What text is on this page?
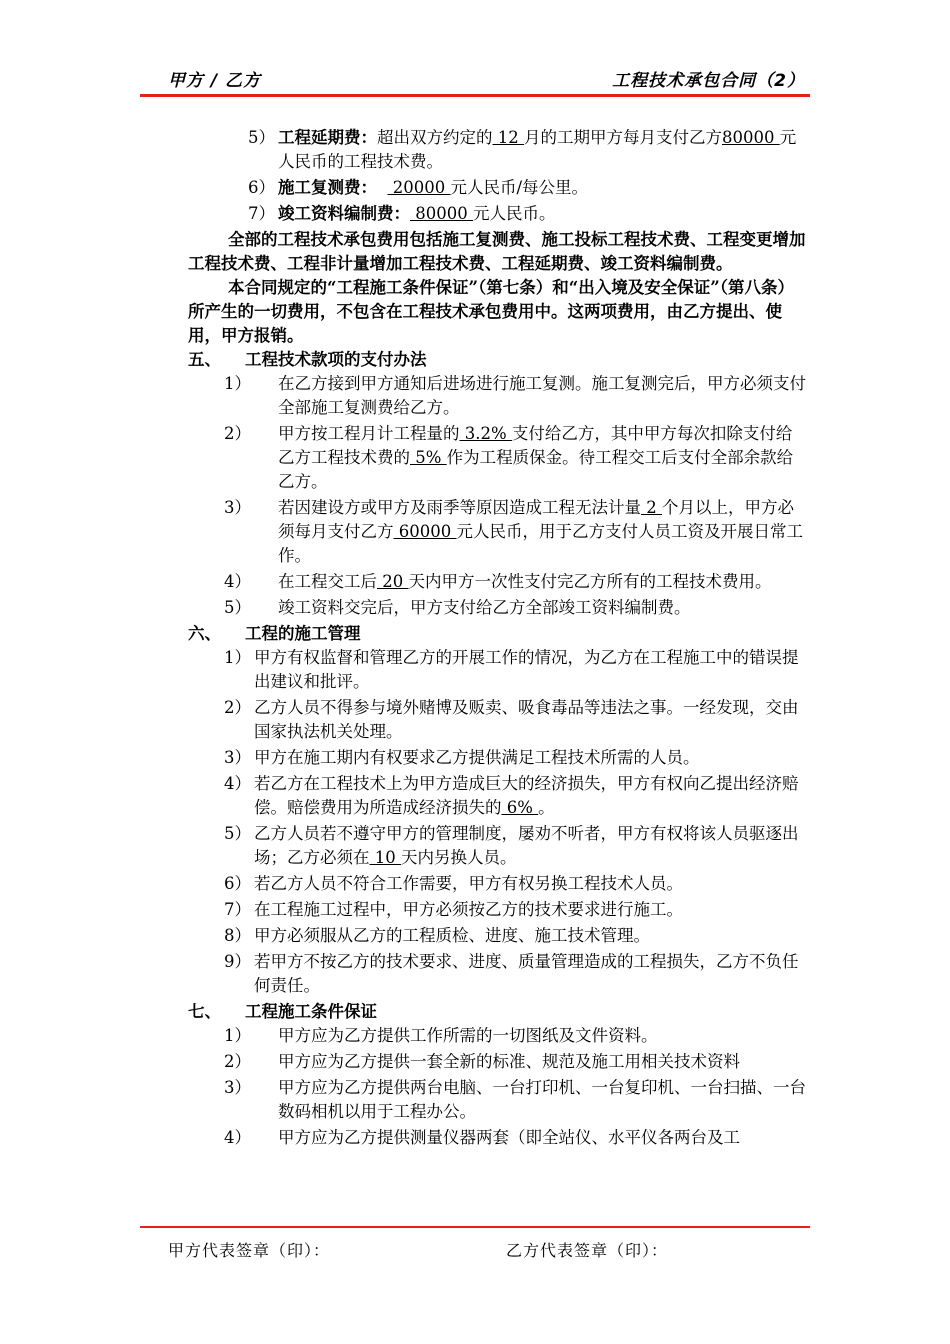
甲方 / 乙方	工程技术承包合同（2）
5） 工程延期费：超出双方约定的 12 月的工期甲方每月支付乙方80000 元人民币的工程技术费。
6） 施工复测费：   20000 元人民币/每公里。
7） 竣工资料编制费： 80000 元人民币。
全部的工程技术承包费用包括施工复测费、施工投标工程技术费、工程变更增加工程技术费、工程非计量增加工程技术费、工程延期费、竣工资料编制费。
本合同规定的“工程施工条件保证”（第七条）和“出入境及安全保证”（第八条）所产生的一切费用，不包含在工程技术承包费用中。这两项费用，由乙方提出、使用，甲方报销。
五、	工程技术款项的支付办法
1）	在乙方接到甲方通知后进场进行施工复测。施工复测完后，甲方必须支付全部施工复测费给乙方。
2）	甲方按工程月计工程量的 3.2% 支付给乙方，其中甲方每次扣除支付给乙方工程技术费的 5% 作为工程质保金。待工程交工后支付全部余款给乙方。
3）	若因建设方或甲方及雨季等原因造成工程无法计量 2 个月以上，甲方必须每月支付乙方 60000 元人民币，用于乙方支付人员工资及开展日常工作。
4）	在工程交工后 20 天内甲方一次性支付完乙方所有的工程技术费用。
5）	竣工资料交完后，甲方支付给乙方全部竣工资料编制费。
六、	工程的施工管理
1） 甲方有权监督和管理乙方的开展工作的情况，为乙方在工程施工中的错误提出建议和批评。
2） 乙方人员不得参与境外赌博及贩卖、吸食毒品等违法之事。一经发现，交由国家执法机关处理。
3） 甲方在施工期内有权要求乙方提供满足工程技术所需的人员。
4） 若乙方在工程技术上为甲方造成巨大的经济损失，甲方有权向乙提出经济赔偿。赔偿费用为所造成经济损失的 6% 。
5） 乙方人员若不遵守甲方的管理制度，屡劝不听者，甲方有权将该人员驱逐出场；乙方必须在 10 天内另换人员。
6） 若乙方人员不符合工作需要，甲方有权另换工程技术人员。
7） 在工程施工过程中，甲方必须按乙方的技术要求进行施工。
8） 甲方必须服从乙方的工程质检、进度、施工技术管理。
9） 若甲方不按乙方的技术要求、进度、质量管理造成的工程损失，乙方不负任何责任。
七、	工程施工条件保证
1）	甲方应为乙方提供工作所需的一切图纸及文件资料。
2）	甲方应为乙方提供一套全新的标准、规范及施工用相关技术资料
3）	甲方应为乙方提供两台电脑、一台打印机、一台复印机、一台扫描、一台数码相机以用于工程办公。
4）	甲方应为乙方提供测量仪器两套（即全站仪、水平仪各两台及工
甲方代表签章（印）：	乙方代表签章（印）：
